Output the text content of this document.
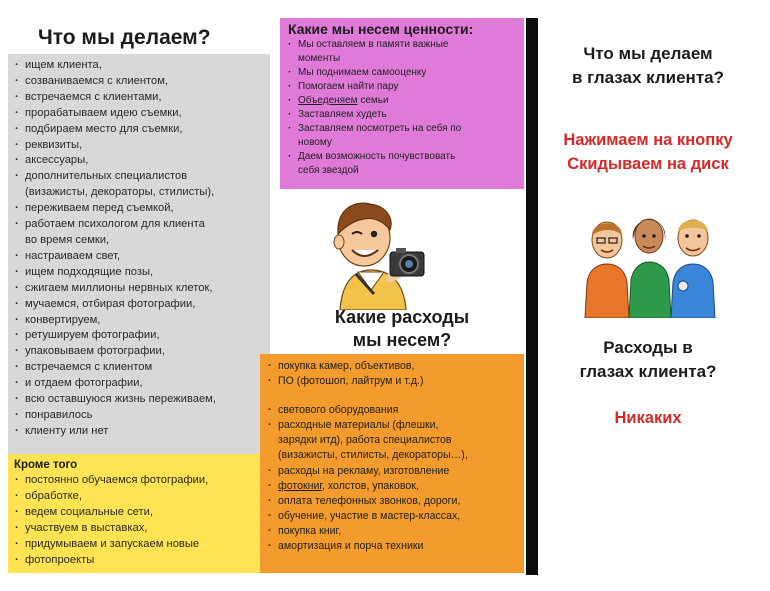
Что мы делаем?
· ищем клиента,
· созваниваемся с клиентом,
· встречаемся с клиентами,
· прорабатываем идею съемки,
· подбираем место для съемки,
· реквизиты,
· аксессуары,
· дополнительных специалистов
(визажисты, декораторы, стилисты),
· переживаем перед съемкой,
· работаем психологом для клиента
во время семки,
· настраиваем свет,
· ищем подходящие позы,
· сжигаем миллионы нервных клеток,
· мучаемся, отбирая фотографии,
· конвертируем,
· ретушируем фотографии,
· упаковываем фотографии,
· встречаемся с клиентом
· и отдаем фотографии,
· всю оставшуюся жизнь переживаем,
· понравилось
· клиенту или нет
Кроме того
· постоянно обучаемся фотографии,
· обработке,
· ведем социальные сети,
· участвуем в выставках,
· придумываем и запускаем новые
· фотопроекты
Какие мы несем ценности:
· Мы оставляем в памяти важные
моменты
· Мы поднимаем самооценку
· Помогаем найти пару
· Объеденяем семьи
· Заставляем худеть
· Заставляем посмотреть на себя по
новому
· Даем возможность почувствовать
себя звездой
Какие расходы
мы несем?
· покупка камер, объективов,
· ПО (фотошоп, лайтрум и т.д.)
· светового оборудования
· расходные материалы (флешки,
зарядки итд), работа специалистов
(визажисты, стилисты, декораторы…),
· расходы на рекламу, изготовление
· фотокниг, холстов, упаковок,
· оплата телефонных звонков, дороги,
· обучение, участие в мастер-классах,
· покупка книг,
· амортизация и порча техники
Что мы делаем
в глазах клиента?
Нажимаем на кнопку
Скидываем на диск
Расходы в
глазах клиента?
Никаких
